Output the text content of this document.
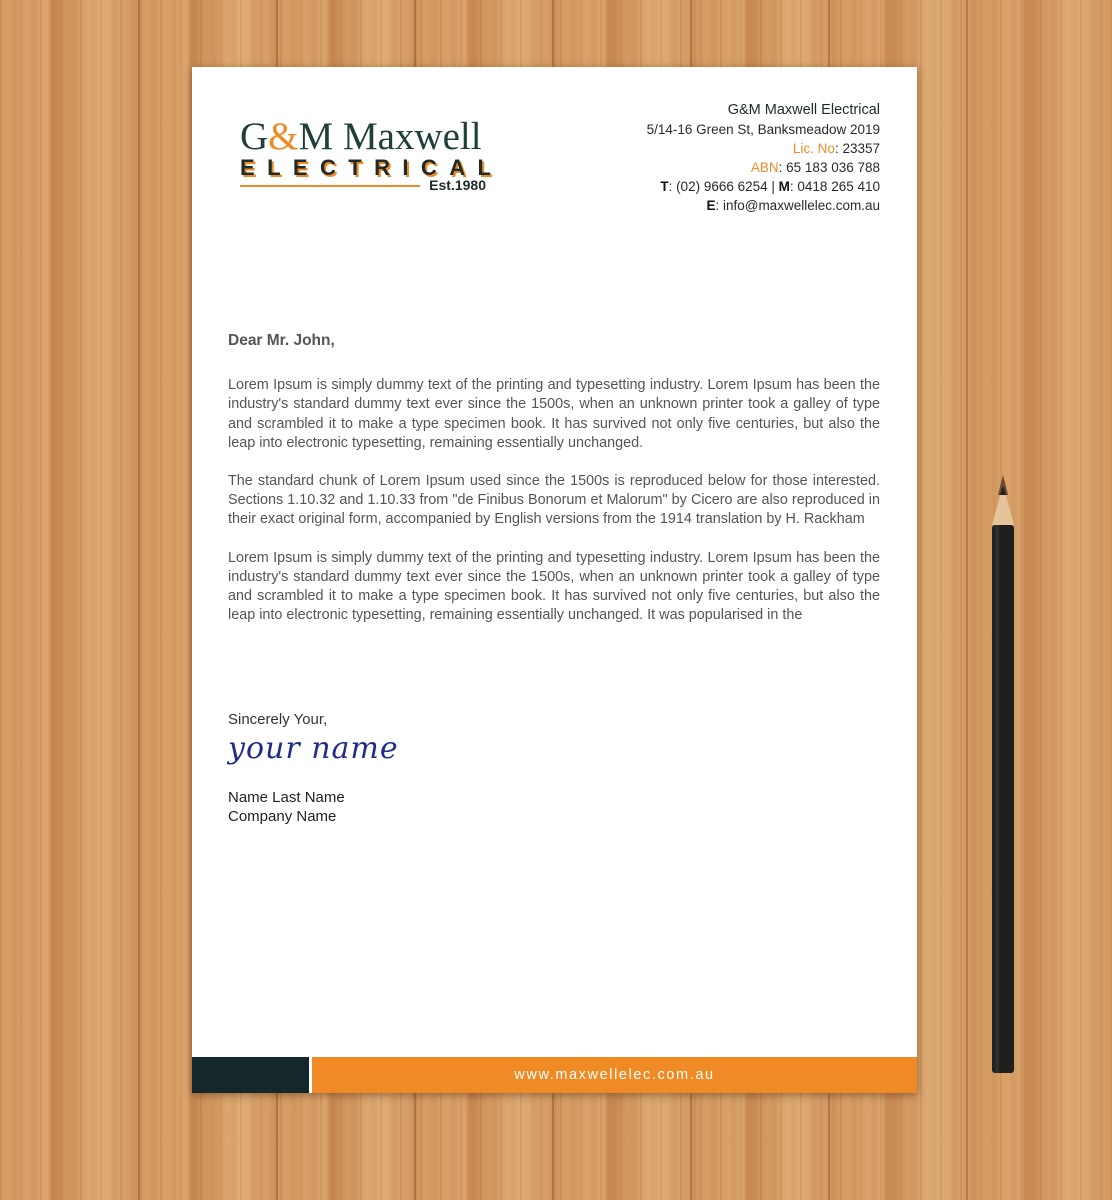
G&M Maxwell
ELECTRICAL
Est.1980
G&M Maxwell Electrical
5/14-16 Green St, Banksmeadow 2019
Lic. No: 23357
ABN: 65 183 036 788
T: (02) 9666 6254 | M: 0418 265 410
E: info@maxwellelec.com.au
Dear Mr. John,

Lorem Ipsum is simply dummy text of the printing and typesetting industry. Lorem Ipsum has been the industry's standard dummy text ever since the 1500s, when an unknown printer took a galley of type and scrambled it to make a type specimen book. It has survived not only five centuries, but also the leap into electronic typesetting, remaining essentially unchanged.

The standard chunk of Lorem Ipsum used since the 1500s is reproduced below for those interested. Sections 1.10.32 and 1.10.33 from "de Finibus Bonorum et Malorum" by Cicero are also reproduced in their exact original form, accompanied by English versions from the 1914 translation by H. Rackham

Lorem Ipsum is simply dummy text of the printing and typesetting industry. Lorem Ipsum has been the industry's standard dummy text ever since the 1500s, when an unknown printer took a galley of type and scrambled it to make a type specimen book. It has survived not only five centuries, but also the leap into electronic typesetting, remaining essentially unchanged. It was popularised in the

Sincerely Your,
your name
Name Last Name
Company Name
www.maxwellelec.com.au
